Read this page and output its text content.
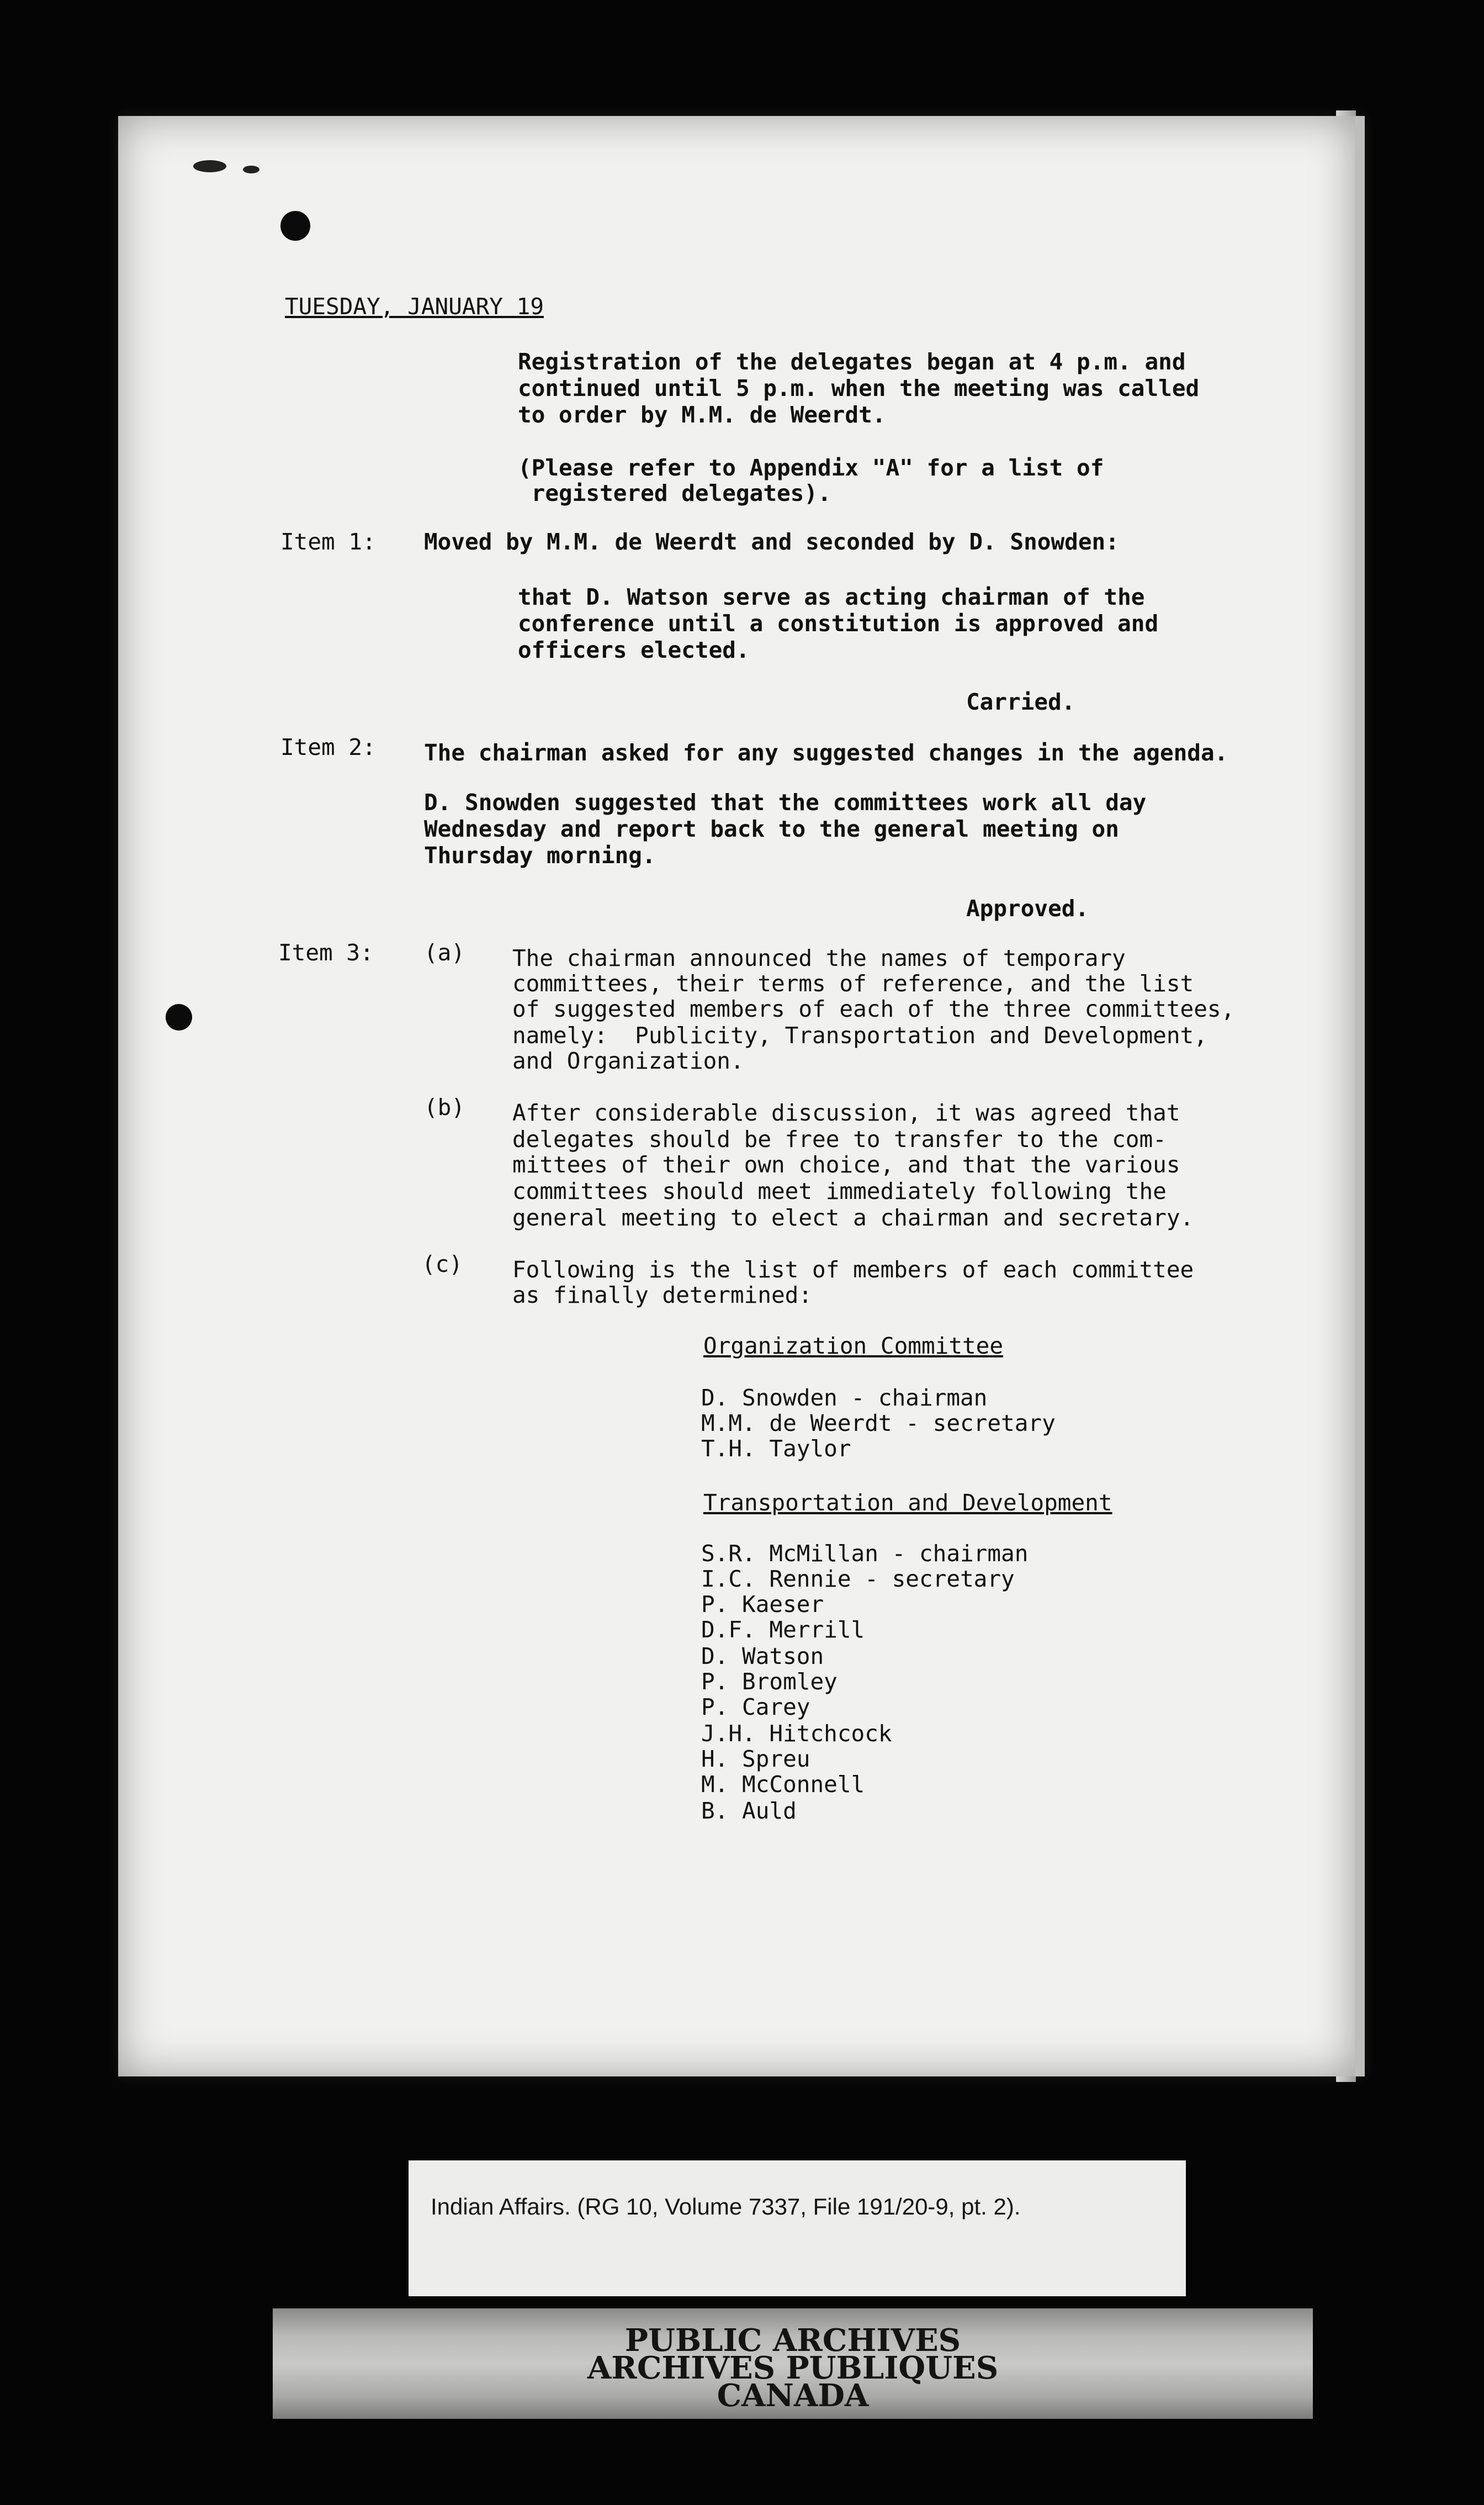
TUESDAY, JANUARY 19
Registration of the delegates began at 4 p.m. and
continued until 5 p.m. when the meeting was called
to order by M.M. de Weerdt.
(Please refer to Appendix "A" for a list of
registered delegates).
Item 1: Moved by M.M. de Weerdt and seconded by D. Snowden:
that D. Watson serve as acting chairman of the
conference until a constitution is approved and
officers elected.
Carried.
Item 2: The chairman asked for any suggested changes in the agenda.
D. Snowden suggested that the committees work all day
Wednesday and report back to the general meeting on
Thursday morning.
Approved.
Item 3: (a) The chairman announced the names of temporary
committees, their terms of reference, and the list
of suggested members of each of the three committees,
namely:  Publicity, Transportation and Development,
and Organization.
(b) After considerable discussion, it was agreed that
delegates should be free to transfer to the com-
mittees of their own choice, and that the various
committees should meet immediately following the
general meeting to elect a chairman and secretary.
(c) Following is the list of members of each committee
as finally determined:
Organization Committee
D. Snowden - chairman
M.M. de Weerdt - secretary
T.H. Taylor
Transportation and Development
S.R. McMillan - chairman
I.C. Rennie - secretary
P. Kaeser
D.F. Merrill
D. Watson
P. Bromley
P. Carey
J.H. Hitchcock
H. Spreu
M. McConnell
B. Auld
Indian Affairs. (RG 10, Volume 7337, File 191/20-9, pt. 2).
PUBLIC ARCHIVES
ARCHIVES PUBLIQUES
CANADA
